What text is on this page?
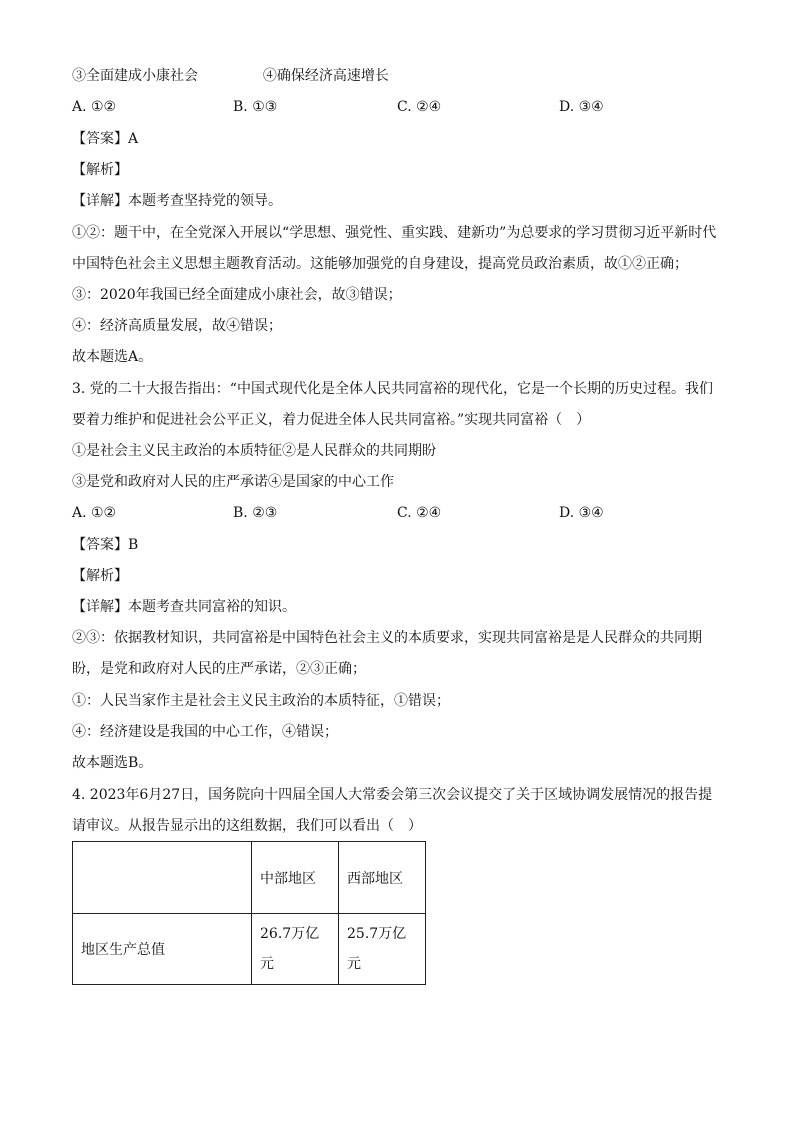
③全面建成小康社会	④确保经济高速增长
A. ①②	B. ①③	C. ②④	D. ③④
【答案】A
【解析】
【详解】本题考查坚持党的领导。
①②：题干中，在全党深入开展以“学思想、强党性、重实践、建新功”为总要求的学习贯彻习近平新时代
中国特色社会主义思想主题教育活动。这能够加强党的自身建设，提高党员政治素质，故①②正确；
③：2020年我国已经全面建成小康社会，故③错误；
④：经济高质量发展，故④错误；
故本题选A。
3. 党的二十大报告指出：“中国式现代化是全体人民共同富裕的现代化，它是一个长期的历史过程。我们
要着力维护和促进社会公平正义，着力促进全体人民共同富裕。”实现共同富裕（　）
①是社会主义民主政治的本质特征②是人民群众的共同期盼
③是党和政府对人民的庄严承诺④是国家的中心工作
A. ①②	B. ②③	C. ②④	D. ③④
【答案】B
【解析】
【详解】本题考查共同富裕的知识。
②③：依据教材知识，共同富裕是中国特色社会主义的本质要求，实现共同富裕是是人民群众的共同期
盼，是党和政府对人民的庄严承诺，②③正确；
①：人民当家作主是社会主义民主政治的本质特征，①错误；
④：经济建设是我国的中心工作，④错误；
故本题选B。
4. 2023年6月27日，国务院向十四届全国人大常委会第三次会议提交了关于区域协调发展情况的报告提
请审议。从报告显示出的这组数据，我们可以看出（　）
	中部地区	西部地区
地区生产总值	26.7万亿元	25.7万亿元
